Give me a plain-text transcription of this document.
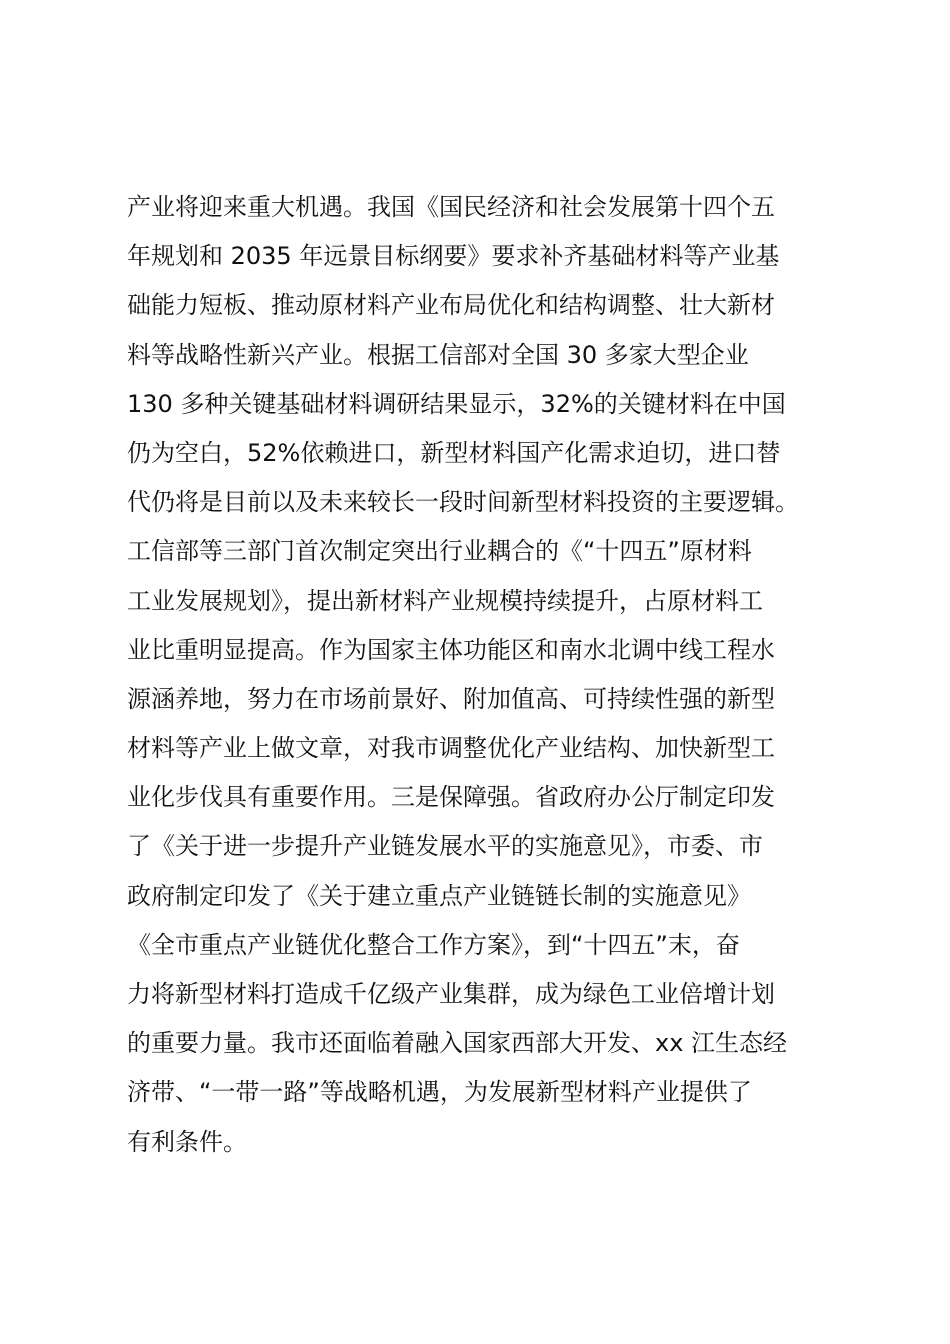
产业将迎来重大机遇。我国《国民经济和社会发展第十四个五

年规划和 2035 年远景目标纲要》要求补齐基础材料等产业基

础能力短板、推动原材料产业布局优化和结构调整、壮大新材

料等战略性新兴产业。根据工信部对全国 30 多家大型企业

130 多种关键基础材料调研结果显示，32%的关键材料在中国

仍为空白，52%依赖进口，新型材料国产化需求迫切，进口替

代仍将是目前以及未来较长一段时间新型材料投资的主要逻辑。

工信部等三部门首次制定突出行业耦合的《“十四五”原材料

工业发展规划》，提出新材料产业规模持续提升，占原材料工

业比重明显提高。作为国家主体功能区和南水北调中线工程水

源涵养地，努力在市场前景好、附加值高、可持续性强的新型

材料等产业上做文章，对我市调整优化产业结构、加快新型工

业化步伐具有重要作用。三是保障强。省政府办公厅制定印发

了《关于进一步提升产业链发展水平的实施意见》，市委、市

政府制定印发了《关于建立重点产业链链长制的实施意见》

《全市重点产业链优化整合工作方案》，到“十四五”末，奋

力将新型材料打造成千亿级产业集群，成为绿色工业倍增计划

的重要力量。我市还面临着融入国家西部大开发、xx 江生态经

济带、“一带一路”等战略机遇，为发展新型材料产业提供了

有利条件。
